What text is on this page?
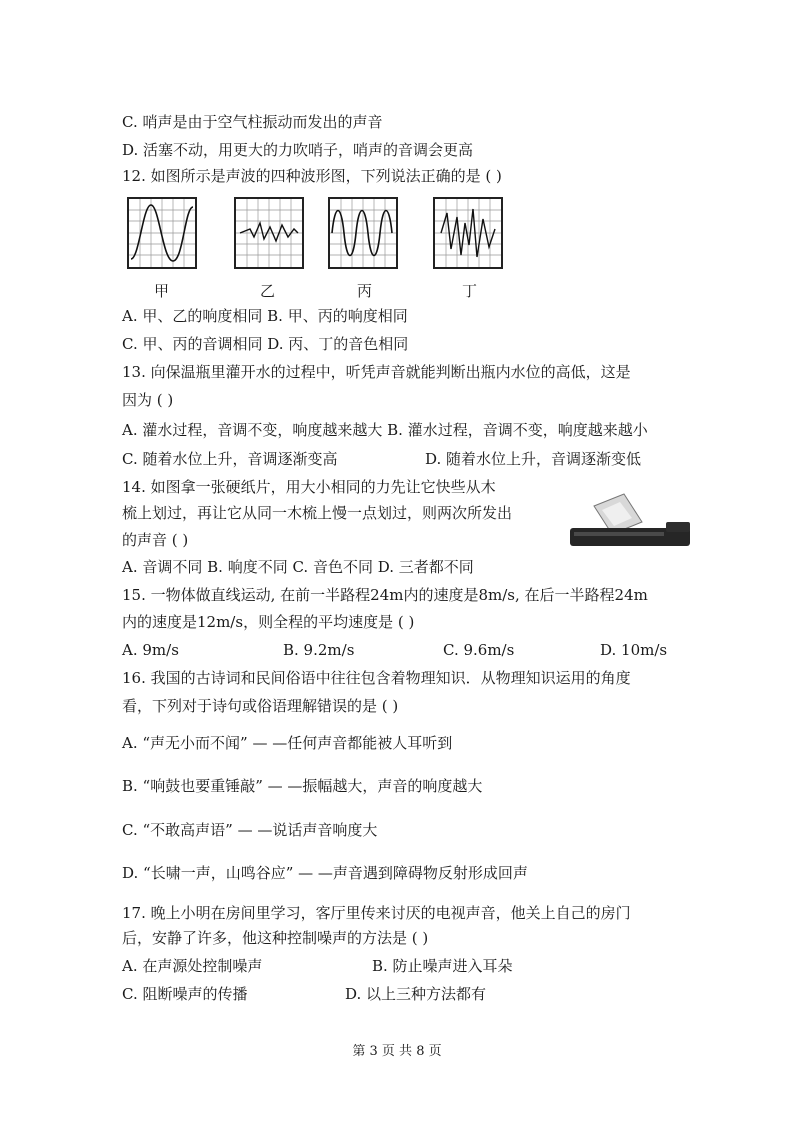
C. 哨声是由于空气柱振动而发出的声音
D. 活塞不动，用更大的力吹哨子，哨声的音调会更高
12. 如图所示是声波的四种波形图，下列说法正确的是 ( )
甲	乙	丙	丁
A. 甲、乙的响度相同 B. 甲、丙的响度相同
C. 甲、丙的音调相同 D. 丙、丁的音色相同
13. 向保温瓶里灌开水的过程中，听凭声音就能判断出瓶内水位的高低，这是
因为 ( )
A. 灌水过程，音调不变，响度越来越大 B. 灌水过程，音调不变，响度越来越小
C. 随着水位上升，音调逐渐变高	D. 随着水位上升，音调逐渐变低
14. 如图拿一张硬纸片，用大小相同的力先让它快些从木
梳上划过，再让它从同一木梳上慢一点划过，则两次所发出
的声音 ( )
A. 音调不同 B. 响度不同 C. 音色不同 D. 三者都不同
15. 一物体做直线运动, 在前一半路程24m内的速度是8m/s, 在后一半路程24m
内的速度是12m/s，则全程的平均速度是 ( )
A. 9m/s	B. 9.2m/s	C. 9.6m/s	D. 10m/s
16. 我国的古诗词和民间俗语中往往包含着物理知识．从物理知识运用的角度
看，下列对于诗句或俗语理解错误的是 ( )
A. “声无小而不闻” — —任何声音都能被人耳听到
B. “响鼓也要重锤敲” — —振幅越大，声音的响度越大
C. “不敢高声语” — —说话声音响度大
D. “长啸一声，山鸣谷应” — —声音遇到障碍物反射形成回声
17. 晚上小明在房间里学习，客厅里传来讨厌的电视声音，他关上自己的房门
后，安静了许多，他这种控制噪声的方法是 ( )
A. 在声源处控制噪声	B. 防止噪声进入耳朵
C. 阻断噪声的传播	D. 以上三种方法都有
第 3 页 共 8 页
